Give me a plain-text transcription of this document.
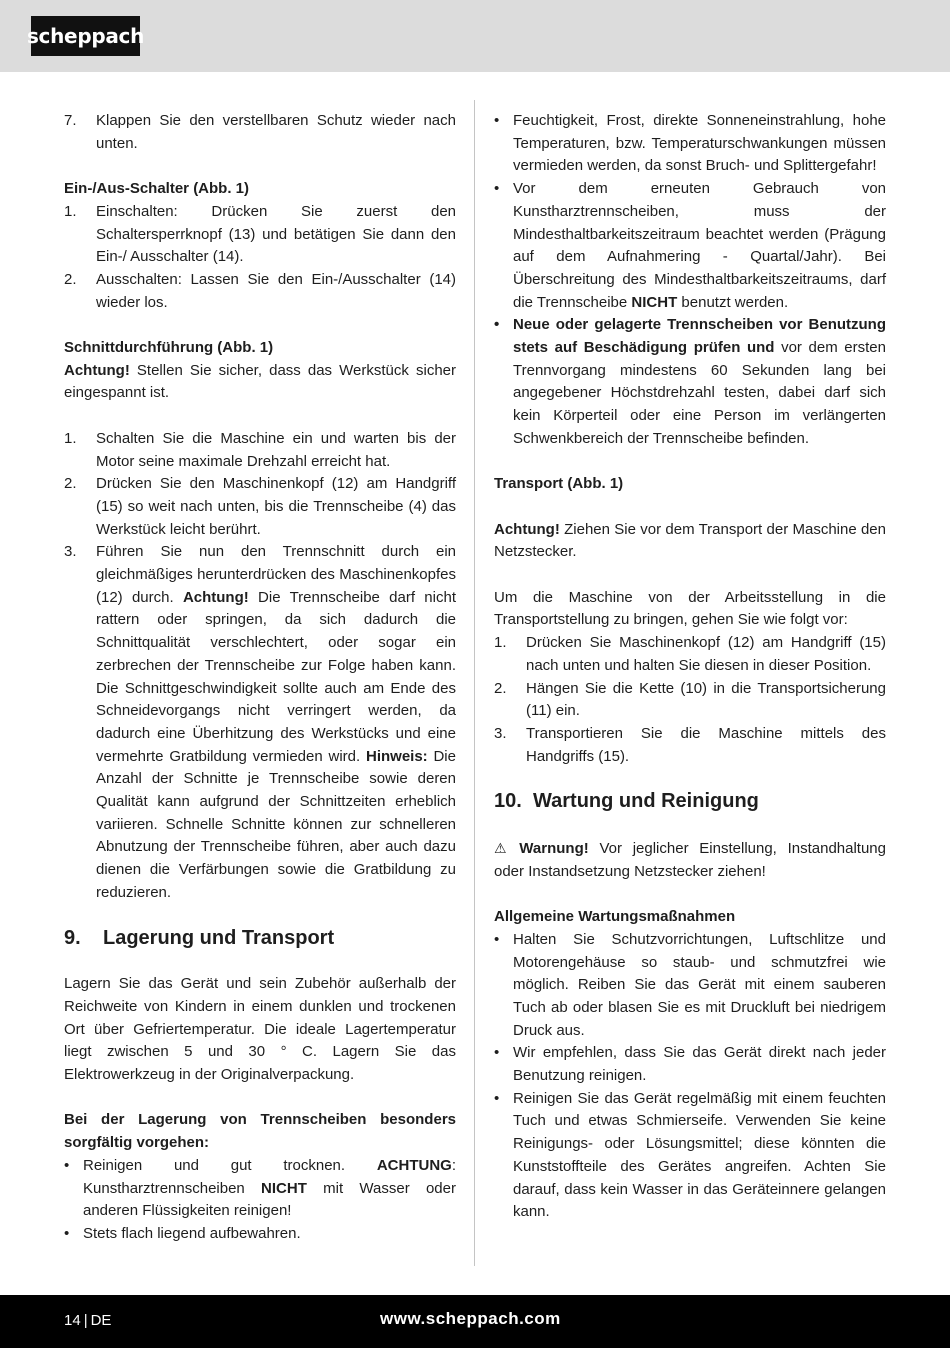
scheppach
7.	Klappen Sie den verstellbaren Schutz wieder nach unten.

Ein-/Aus-Schalter (Abb. 1)

1.	Einschalten: Drücken Sie zuerst den Schaltersperrknopf (13) und betätigen Sie dann den Ein-/ Ausschalter (14).
2.	Ausschalten: Lassen Sie den Ein-/Ausschalter (14) wieder los.

Schnittdurchführung (Abb. 1)

Achtung! Stellen Sie sicher, dass das Werkstück sicher eingespannt ist.

1.	Schalten Sie die Maschine ein und warten bis der Motor seine maximale Drehzahl erreicht hat.
2.	Drücken Sie den Maschinenkopf (12) am Handgriff (15) so weit nach unten, bis die Trennscheibe (4) das Werkstück leicht berührt.
3.	Führen Sie nun den Trennschnitt durch ein gleichmäßiges herunterdrücken des Maschinenkopfes (12) durch. Achtung! Die Trennscheibe darf nicht rattern oder springen, da sich dadurch die Schnittqualität verschlechtert, oder sogar ein zerbrechen der Trennscheibe zur Folge haben kann. Die Schnittgeschwindigkeit sollte auch am Ende des Schneidevorgangs nicht verringert werden, da dadurch eine Überhitzung des Werkstücks und eine vermehrte Gratbildung vermieden wird. Hinweis: Die Anzahl der Schnitte je Trennscheibe sowie deren Qualität kann aufgrund der Schnittzeiten erheblich variieren. Schnelle Schnitte können zur schnelleren Abnutzung der Trennscheibe führen, aber auch dazu dienen die Verfärbungen sowie die Gratbildung zu reduzieren.
9.	Lagerung und Transport

Lagern Sie das Gerät und sein Zubehör außerhalb der Reichweite von Kindern in einem dunklen und trockenen Ort über Gefriertemperatur. Die ideale Lagertemperatur liegt zwischen 5 und 30 ° C. Lagern Sie das Elektrowerkzeug in der Originalverpackung.

Bei der Lagerung von Trennscheiben besonders sorgfältig vorgehen:

• Reinigen und gut trocknen. ACHTUNG: Kunstharztrennscheiben NICHT mit Wasser oder anderen Flüssigkeiten reinigen!
• Stets flach liegend aufbewahren.
• Feuchtigkeit, Frost, direkte Sonneneinstrahlung, hohe Temperaturen, bzw. Temperaturschwankungen müssen vermieden werden, da sonst Bruch- und Splittergefahr!
• Vor dem erneuten Gebrauch von Kunstharztrennscheiben, muss der Mindesthaltbarkeitszeitraum beachtet werden (Prägung auf dem Aufnahmering - Quartal/Jahr). Bei Überschreitung des Mindesthaltbarkeitszeitraums, darf die Trennscheibe NICHT benutzt werden.
• Neue oder gelagerte Trennscheiben vor Benutzung stets auf Beschädigung prüfen und vor dem ersten Trennvorgang mindestens 60 Sekunden lang bei angegebener Höchstdrehzahl testen, dabei darf sich kein Körperteil oder eine Person im verlängerten Schwenkbereich der Trennscheibe befinden.

Transport (Abb. 1)

Achtung! Ziehen Sie vor dem Transport der Maschine den Netzstecker.

Um die Maschine von der Arbeitsstellung in die Transportstellung zu bringen, gehen Sie wie folgt vor:

1.	Drücken Sie Maschinenkopf (12) am Handgriff (15) nach unten und halten Sie diesen in dieser Position.
2.	Hängen Sie die Kette (10) in die Transportsicherung (11) ein.
3.	Transportieren Sie die Maschine mittels des Handgriffs (15).
10. Wartung und Reinigung

⚠ Warnung! Vor jeglicher Einstellung, Instandhaltung oder Instandsetzung Netzstecker ziehen!

Allgemeine Wartungsmaßnahmen

• Halten Sie Schutzvorrichtungen, Luftschlitze und Motorengehäuse so staub- und schmutzfrei wie möglich. Reiben Sie das Gerät mit einem sauberen Tuch ab oder blasen Sie es mit Druckluft bei niedrigem Druck aus.
• Wir empfehlen, dass Sie das Gerät direkt nach jeder Benutzung reinigen.
• Reinigen Sie das Gerät regelmäßig mit einem feuchten Tuch und etwas Schmierseife. Verwenden Sie keine Reinigungs- oder Lösungsmittel; diese könnten die Kunststoffteile des Gerätes angreifen. Achten Sie darauf, dass kein Wasser in das Geräteinnere gelangen kann.
14 | DE	www.scheppach.com
